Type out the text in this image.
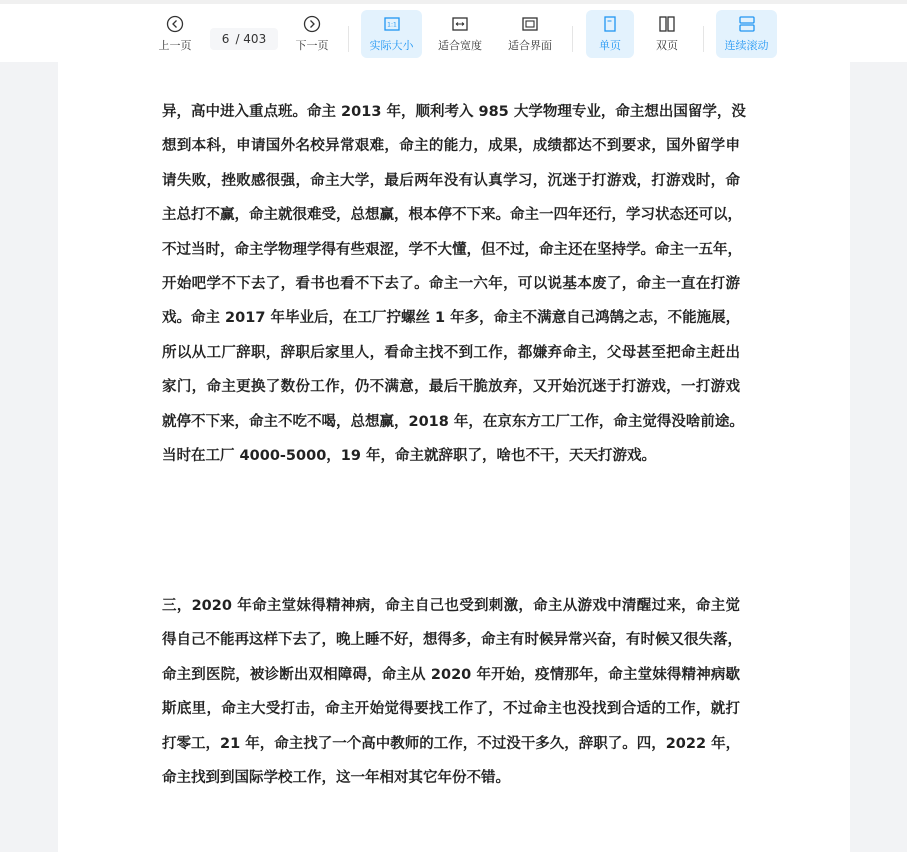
上一页	6 / 403	下一页
1:1
实际大小 适合宽度 适合界面	单页	双页	连续滚动
异，高中进入重点班。命主 2013 年，顺利考入 985 大学物理专业，命主想出国留学，没
想到本科，申请国外名校异常艰难，命主的能力，成果，成绩都达不到要求，国外留学申
请失败，挫败感很强，命主大学，最后两年没有认真学习，沉迷于打游戏，打游戏时，命
主总打不赢，命主就很难受，总想赢，根本停不下来。命主一四年还行，学习状态还可以，
不过当时，命主学物理学得有些艰涩，学不大懂，但不过，命主还在坚持学。命主一五年，
开始吧学不下去了，看书也看不下去了。命主一六年，可以说基本废了，命主一直在打游
戏。命主 2017 年毕业后，在工厂拧螺丝 1 年多，命主不满意自己鸿鹄之志，不能施展，
所以从工厂辞职，辞职后家里人，看命主找不到工作，都嫌弃命主，父母甚至把命主赶出
家门，命主更换了数份工作，仍不满意，最后干脆放弃，又开始沉迷于打游戏，一打游戏
就停不下来，命主不吃不喝，总想赢，2018 年，在京东方工厂工作，命主觉得没啥前途。
当时在工厂 4000-5000，19 年，命主就辞职了，啥也不干，天天打游戏。
三，2020 年命主堂妹得精神病，命主自己也受到刺激，命主从游戏中清醒过来，命主觉
得自己不能再这样下去了，晚上睡不好，想得多，命主有时候异常兴奋，有时候又很失落，
命主到医院，被诊断出双相障碍，命主从 2020 年开始，疫情那年，命主堂妹得精神病歇
斯底里，命主大受打击，命主开始觉得要找工作了，不过命主也没找到合适的工作，就打
打零工，21 年，命主找了一个高中教师的工作，不过没干多久，辞职了。四，2022 年，
命主找到到国际学校工作，这一年相对其它年份不错。
